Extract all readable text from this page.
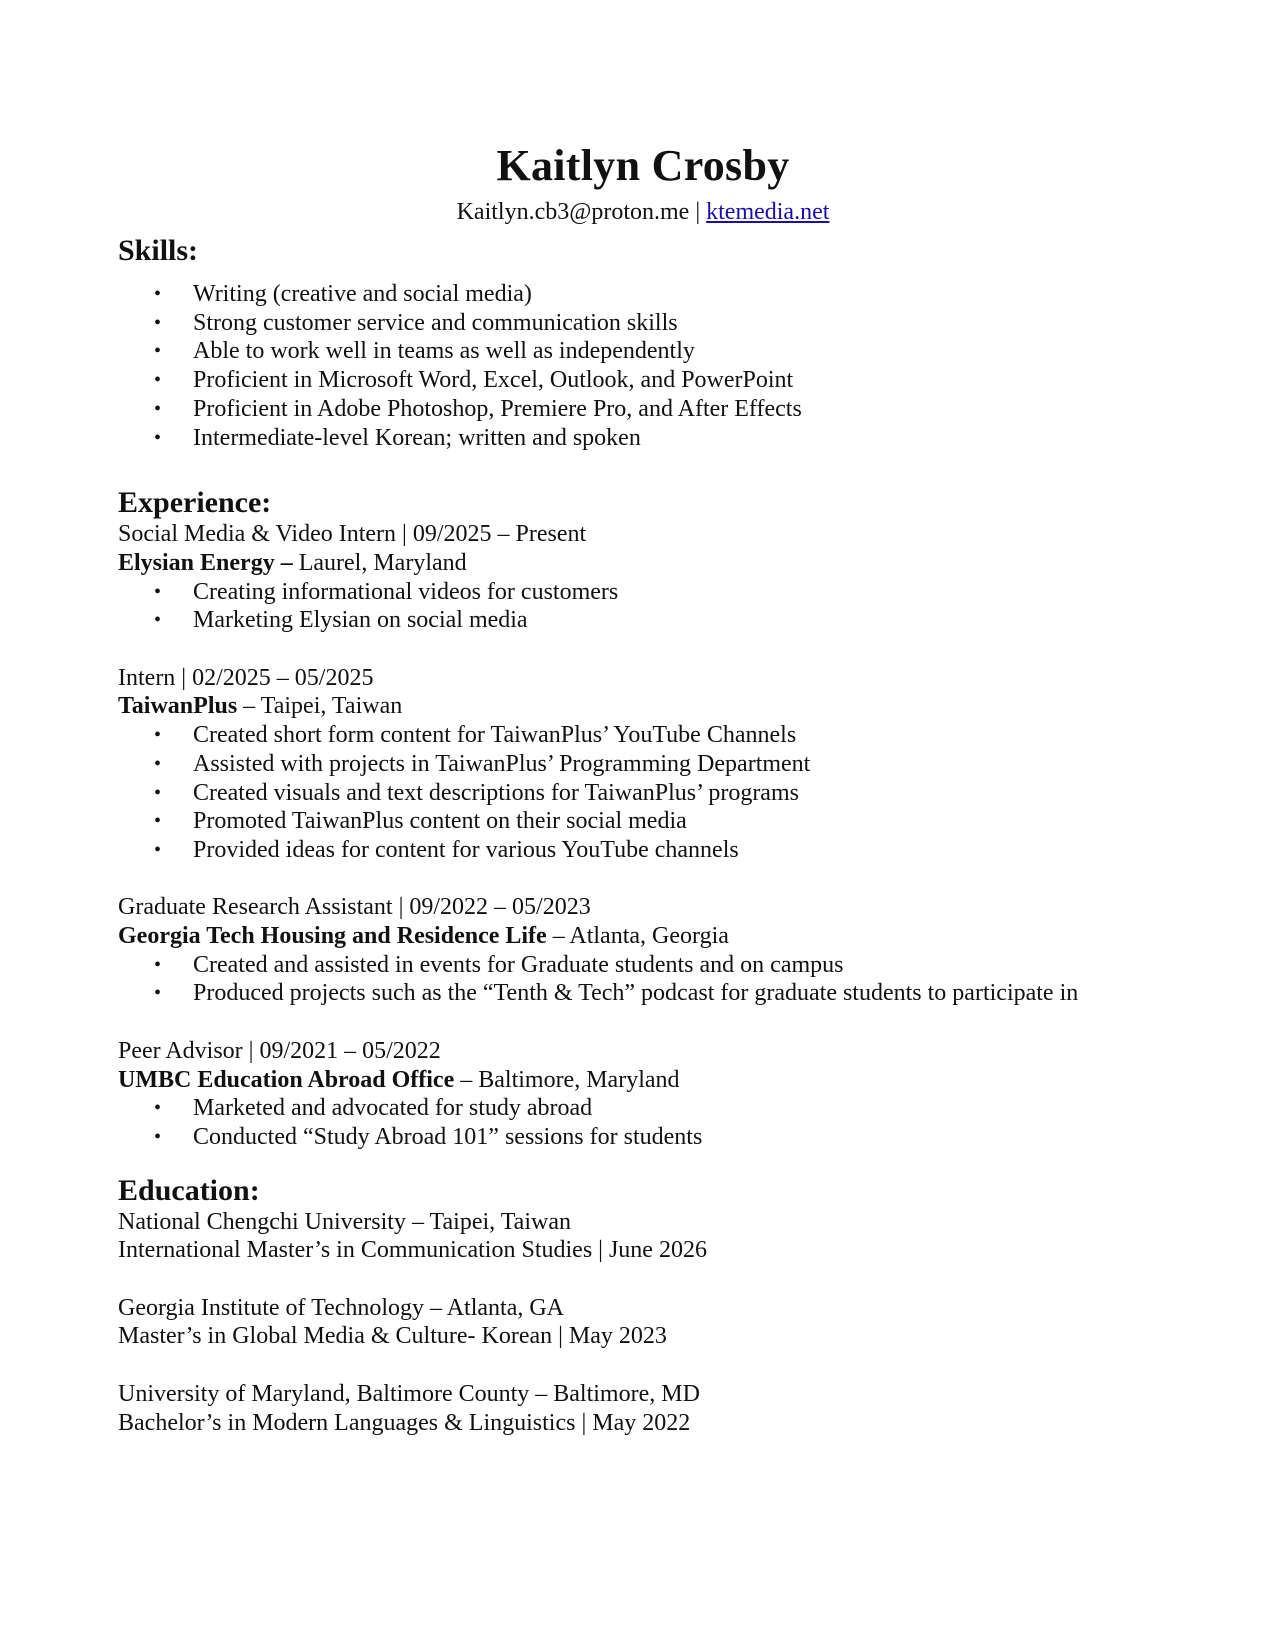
Kaitlyn Crosby
Kaitlyn.cb3@proton.me | ktemedia.net
Skills:
• Writing (creative and social media)
• Strong customer service and communication skills
• Able to work well in teams as well as independently
• Proficient in Microsoft Word, Excel, Outlook, and PowerPoint
• Proficient in Adobe Photoshop, Premiere Pro, and After Effects
• Intermediate-level Korean; written and spoken
Experience:
Social Media & Video Intern | 09/2025 – Present
Elysian Energy – Laurel, Maryland
• Creating informational videos for customers
• Marketing Elysian on social media
Intern | 02/2025 – 05/2025
TaiwanPlus – Taipei, Taiwan
• Created short form content for TaiwanPlus’ YouTube Channels
• Assisted with projects in TaiwanPlus’ Programming Department
• Created visuals and text descriptions for TaiwanPlus’ programs
• Promoted TaiwanPlus content on their social media
• Provided ideas for content for various YouTube channels
Graduate Research Assistant | 09/2022 – 05/2023
Georgia Tech Housing and Residence Life – Atlanta, Georgia
• Created and assisted in events for Graduate students and on campus
• Produced projects such as the “Tenth & Tech” podcast for graduate students to participate in
Peer Advisor | 09/2021 – 05/2022
UMBC Education Abroad Office – Baltimore, Maryland
• Marketed and advocated for study abroad
• Conducted “Study Abroad 101” sessions for students
Education:
National Chengchi University – Taipei, Taiwan
International Master’s in Communication Studies | June 2026
Georgia Institute of Technology – Atlanta, GA
Master’s in Global Media & Culture- Korean | May 2023
University of Maryland, Baltimore County – Baltimore, MD
Bachelor’s in Modern Languages & Linguistics | May 2022
